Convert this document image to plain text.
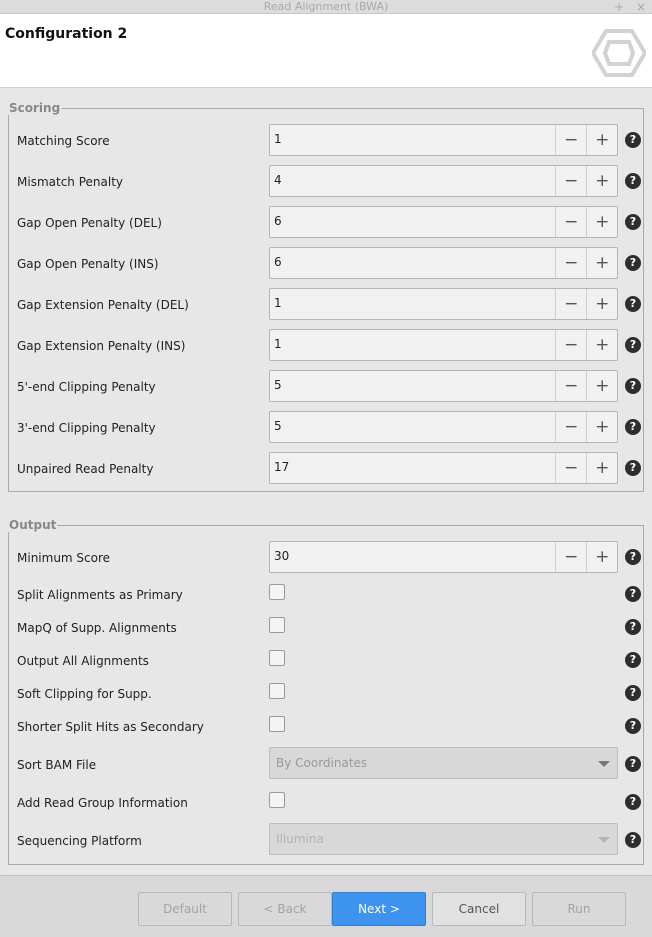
Read Alignment (BWA)	+ ×
Configuration 2
Scoring
Matching Score	1	− +	?
Mismatch Penalty	4	− +	?
Gap Open Penalty (DEL)	6	− +	?
Gap Open Penalty (INS)	6	− +	?
Gap Extension Penalty (DEL)	1	− +	?
Gap Extension Penalty (INS)	1	− +	?
5'-end Clipping Penalty	5	− +	?
3'-end Clipping Penalty	5	− +	?
Unpaired Read Penalty	17	− +	?
Output
Minimum Score	30	− +	?
Split Alignments as Primary	?
MapQ of Supp. Alignments	?
Output All Alignments	?
Soft Clipping for Supp.	?
Shorter Split Hits as Secondary	?
Sort BAM File	By Coordinates	?
Add Read Group Information	?
Sequencing Platform	Illumina	?
Default	< Back	Next >	Cancel	Run
